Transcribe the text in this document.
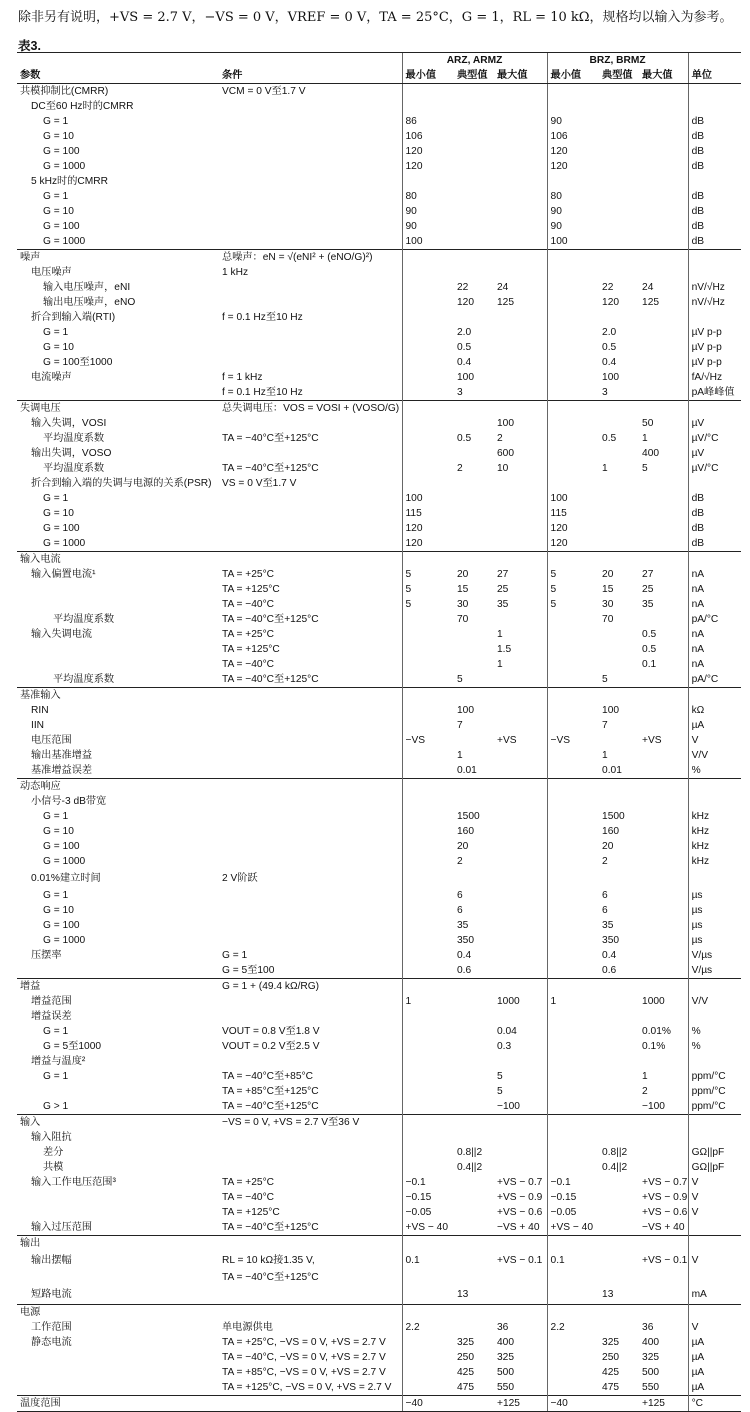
除非另有说明，+VS = 2.7 V，−VS = 0 V，VREF = 0 V，TA = 25°C，G = 1，RL = 10 kΩ，规格均以输入为参考。
表3.
		ARZ, ARMZ			BRZ, BRMZ			
参数	条件	最小值	典型值	最大值	最小值	典型值	最大值	单位
共模抑制比(CMRR)	VCM = 0 V至1.7 V							
DC至60 Hz时的CMRR								
G = 1		86			90			dB
G = 10		106			106			dB
G = 100		120			120			dB
G = 1000		120			120			dB
5 kHz时的CMRR								
G = 1		80			80			dB
G = 10		90			90			dB
G = 100		90			90			dB
G = 1000		100			100			dB
噪声	总噪声：eN = √(eNI² + (eNO/G)²)							
电压噪声	1 kHz							
输入电压噪声，eNI			22	24		22	24	nV/√Hz
输出电压噪声，eNO			120	125		120	125	nV/√Hz
折合到输入端(RTI)	f = 0.1 Hz至10 Hz							
G = 1			2.0			2.0		µV p-p
G = 10			0.5			0.5		µV p-p
G = 100至1000			0.4			0.4		µV p-p
电流噪声	f = 1 kHz		100			100		fA/√Hz
	f = 0.1 Hz至10 Hz		3			3		pA峰峰值
失调电压	总失调电压：VOS = VOSI + (VOSO/G)							
输入失调，VOSI				100			50	µV
平均温度系数	TA = −40°C至+125°C		0.5	2		0.5	1	µV/°C
输出失调，VOSO				600			400	µV
平均温度系数	TA = −40°C至+125°C		2	10		1	5	µV/°C
折合到输入端的失调与电源的关系(PSR)	VS = 0 V至1.7 V							
G = 1		100			100			dB
G = 10		115			115			dB
G = 100		120			120			dB
G = 1000		120			120			dB
输入电流								
输入偏置电流¹	TA = +25°C	5	20	27	5	20	27	nA
	TA = +125°C	5	15	25	5	15	25	nA
	TA = −40°C	5	30	35	5	30	35	nA
平均温度系数	TA = −40°C至+125°C		70			70		pA/°C
输入失调电流	TA = +25°C			1			0.5	nA
	TA = +125°C			1.5			0.5	nA
	TA = −40°C			1			0.1	nA
平均温度系数	TA = −40°C至+125°C		5			5		pA/°C
基准输入								
RIN			100			100		kΩ
IIN			7			7		µA
电压范围		−VS		+VS	−VS		+VS	V
输出基准增益			1			1		V/V
基准增益误差			0.01			0.01		%
动态响应								
小信号-3 dB带宽								
G = 1			1500			1500		kHz
G = 10			160			160		kHz
G = 100			20			20		kHz
G = 1000			2			2		kHz
0.01%建立时间	2 V阶跃							
G = 1			6			6		µs
G = 10			6			6		µs
G = 100			35			35		µs
G = 1000			350			350		µs
压摆率	G = 1		0.4			0.4		V/µs
	G = 5至100		0.6			0.6		V/µs
增益	G = 1 + (49.4 kΩ/RG)							
增益范围		1		1000	1		1000	V/V
增益误差								
G = 1	VOUT = 0.8 V至1.8 V			0.04			0.01%	%
G = 5至1000	VOUT = 0.2 V至2.5 V			0.3			0.1%	%
增益与温度²								
G = 1	TA = −40°C至+85°C			5			1	ppm/°C
	TA = +85°C至+125°C			5			2	ppm/°C
G > 1	TA = −40°C至+125°C			−100			−100	ppm/°C
输入	−VS = 0 V, +VS = 2.7 V至36 V							
输入阻抗								
差分			0.8||2			0.8||2		GΩ||pF
共模			0.4||2			0.4||2		GΩ||pF
输入工作电压范围³	TA = +25°C	−0.1		+VS − 0.7	−0.1		+VS − 0.7	V
	TA = −40°C	−0.15		+VS − 0.9	−0.15		+VS − 0.9	V
	TA = +125°C	−0.05		+VS − 0.6	−0.05		+VS − 0.6	V
输入过压范围	TA = −40°C至+125°C	+VS − 40		−VS + 40	+VS − 40		−VS + 40	
输出								
输出摆幅	RL = 10 kΩ接1.35 V,	0.1		+VS − 0.1	0.1		+VS − 0.1	V
	TA = −40°C至+125°C							
短路电流			13			13		mA
电源								
工作范围	单电源供电	2.2		36	2.2		36	V
静态电流	TA = +25°C, −VS = 0 V, +VS = 2.7 V		325	400		325	400	µA
	TA = −40°C, −VS = 0 V, +VS = 2.7 V		250	325		250	325	µA
	TA = +85°C, −VS = 0 V, +VS = 2.7 V		425	500		425	500	µA
	TA = +125°C, −VS = 0 V, +VS = 2.7 V		475	550		475	550	µA
温度范围		−40		+125	−40		+125	°C
